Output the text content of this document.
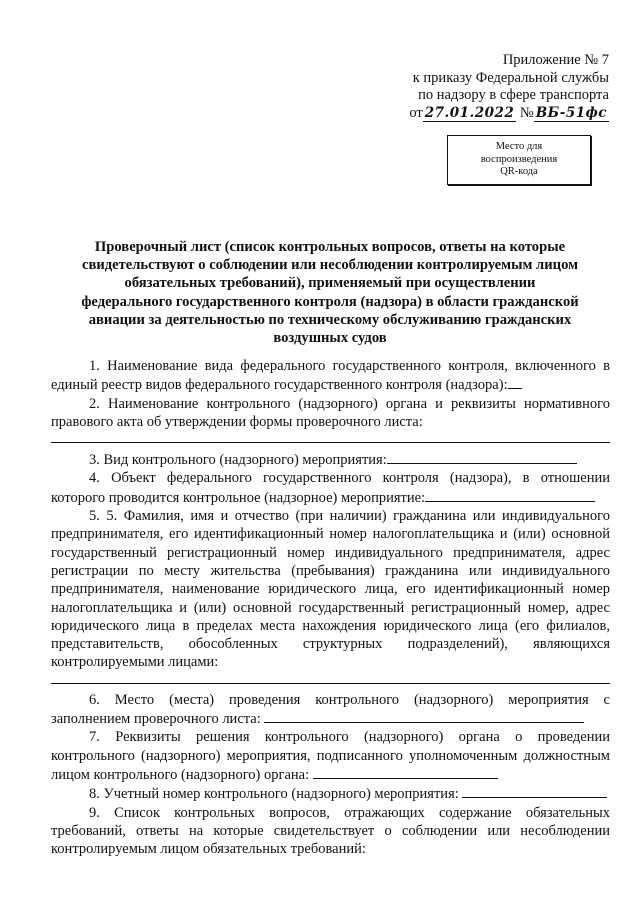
Приложение № 7
к приказу Федеральной службы
по надзору в сфере транспорта
от 27.01.2022 № ВБ-51фс
Место для
воспроизведения
QR-кода
Проверочный лист (список контрольных вопросов, ответы на которые
свидетельствуют о соблюдении или несоблюдении контролируемым лицом
обязательных требований), применяемый при осуществлении
федерального государственного контроля (надзора) в области гражданской
авиации за деятельностью по техническому обслуживанию гражданских
воздушных судов

1. Наименование вида федерального государственного контроля, включенного в единый реестр видов федерального государственного контроля (надзора):

2. Наименование контрольного (надзорного) органа и реквизиты нормативного правового акта об утверждении формы проверочного листа:

3. Вид контрольного (надзорного) мероприятия:

4. Объект федерального государственного контроля (надзора), в отношении которого проводится контрольное (надзорное) мероприятие:

5. 5. Фамилия, имя и отчество (при наличии) гражданина или индивидуального предпринимателя, его идентификационный номер налогоплательщика и (или) основной государственный регистрационный номер индивидуального предпринимателя, адрес регистрации по месту жительства (пребывания) гражданина или индивидуального предпринимателя, наименование юридического лица, его идентификационный номер налогоплательщика и (или) основной государственный регистрационный номер, адрес юридического лица в пределах места нахождения юридического лица (его филиалов, представительств, обособленных структурных подразделений), являющихся контролируемыми лицами:

6. Место (места) проведения контрольного (надзорного) мероприятия с заполнением проверочного листа:

7. Реквизиты решения контрольного (надзорного) органа о проведении контрольного (надзорного) мероприятия, подписанного уполномоченным должностным лицом контрольного (надзорного) органа:

8. Учетный номер контрольного (надзорного) мероприятия:

9. Список контрольных вопросов, отражающих содержание обязательных требований, ответы на которые свидетельствует о соблюдении или несоблюдении контролируемым лицом обязательных требований:
